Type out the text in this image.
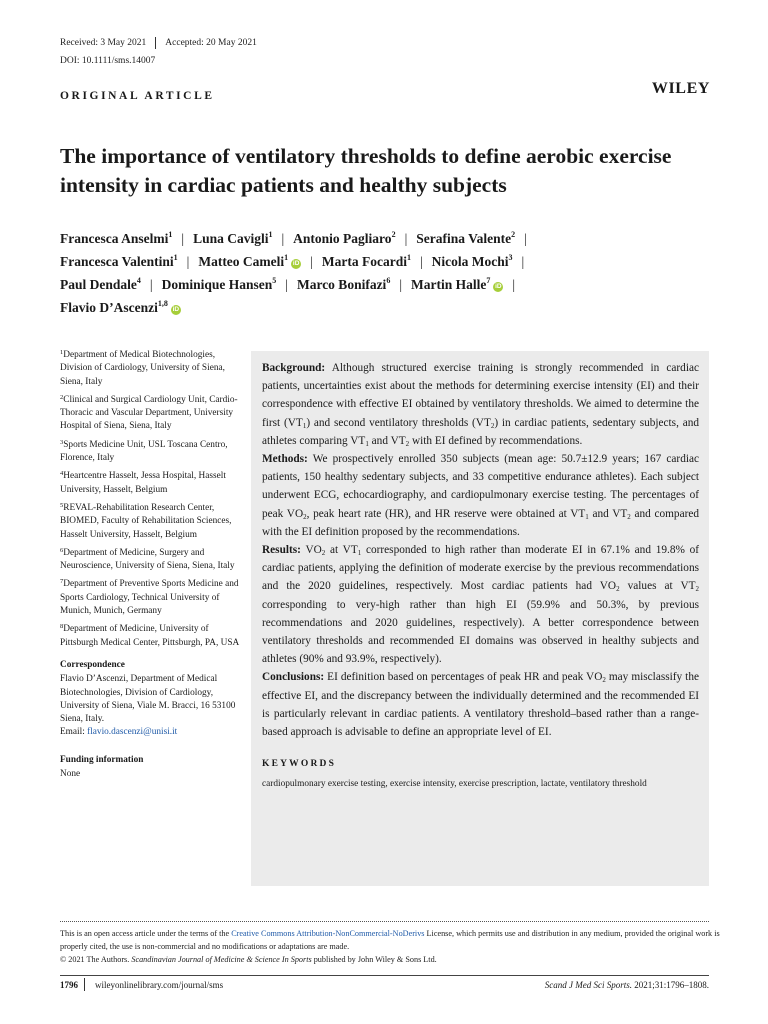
Received: 3 May 2021 Accepted: 20 May 2021
DOI: 10.1111/sms.14007
ORIGINAL ARTICLE	WILEY
The importance of ventilatory thresholds to define aerobic exercise intensity in cardiac patients and healthy subjects
Francesca Anselmi$^1$ | Luna Cavigli$^1$ | Antonio Pagliaro$^2$ | Serafina Valente$^2$ |
Francesca Valentini$^1$ | Matteo Cameli$^1$iD | Marta Focardi$^1$ | Nicola Mochi$^3$ |
Paul Dendale$^4$ | Dominique Hansen$^5$ | Marco Bonifazi$^6$ | Martin Halle$^7$iD |
Flavio D’Ascenzi$^{1,8}$iD
$^1$Department of Medical Biotechnologies, Division of Cardiology, University of Siena, Siena, Italy
$^2$Clinical and Surgical Cardiology Unit, Cardio-Thoracic and Vascular Department, University Hospital of Siena, Siena, Italy
$^3$Sports Medicine Unit, USL Toscana Centro, Florence, Italy
$^4$Heartcentre Hasselt, Jessa Hospital, Hasselt University, Hasselt, Belgium
$^5$REVAL-Rehabilitation Research Center, BIOMED, Faculty of Rehabilitation Sciences, Hasselt University, Hasselt, Belgium
$^6$Department of Medicine, Surgery and Neuroscience, University of Siena, Siena, Italy
$^7$Department of Preventive Sports Medicine and Sports Cardiology, Technical University of Munich, Munich, Germany
$^8$Department of Medicine, University of Pittsburgh Medical Center, Pittsburgh, PA, USA
Correspondence
Flavio D’Ascenzi, Department of Medical Biotechnologies, Division of Cardiology, University of Siena, Viale M. Bracci, 16 53100 Siena, Italy.
Email: flavio.dascenzi@unisi.it
Funding information
None

Background: Although structured exercise training is strongly recommended in cardiac patients, uncertainties exist about the methods for determining exercise intensity (EI) and their correspondence with effective EI obtained by ventilatory thresholds. We aimed to determine the first $(VT_1)$ and second ventilatory thresholds $(VT_2)$ in cardiac patients, sedentary subjects, and athletes comparing $VT_1$ and $VT_2$ with EI defined by recommendations.

Methods: We prospectively enrolled 350 subjects (mean age: 50.7±12.9 years; 167 cardiac patients, 150 healthy sedentary subjects, and 33 competitive endurance athletes). Each subject underwent ECG, echocardiography, and cardiopulmonary exercise testing. The percentages of peak $VO_2$, peak heart rate (HR), and HR reserve were obtained at $VT_1$ and $VT_2$ and compared with the EI definition proposed by the recommendations.

Results: $VO_2$ at $VT_1$ corresponded to high rather than moderate EI in 67.1% and 19.8% of cardiac patients, applying the definition of moderate exercise by the previous recommendations and the 2020 guidelines, respectively. Most cardiac patients had $VO_2$ values at $VT_2$ corresponding to very-high rather than high EI (59.9% and 50.3%, by previous recommendations and 2020 guidelines, respectively). A better correspondence between ventilatory thresholds and recommended EI domains was observed in healthy subjects and athletes (90% and 93.9%, respectively).

Conclusions: EI definition based on percentages of peak HR and peak $VO_2$ may misclassify the effective EI, and the discrepancy between the individually determined and the recommended EI is particularly relevant in cardiac patients. A ventilatory threshold–based rather than a range-based approach is advisable to define an appropriate level of EI.

KEYWORDS
cardiopulmonary exercise testing, exercise intensity, exercise prescription, lactate, ventilatory threshold
This is an open access article under the terms of the Creative Commons Attribution-NonCommercial-NoDerivs License, which permits use and distribution in any medium, provided the original work is properly cited, the use is non-commercial and no modifications or adaptations are made.
© 2021 The Authors. Scandinavian Journal of Medicine & Science In Sports published by John Wiley & Sons Ltd.
1796 wileyonlinelibrary.com/journal/sms	Scand J Med Sci Sports. 2021;31:1796–1808.
